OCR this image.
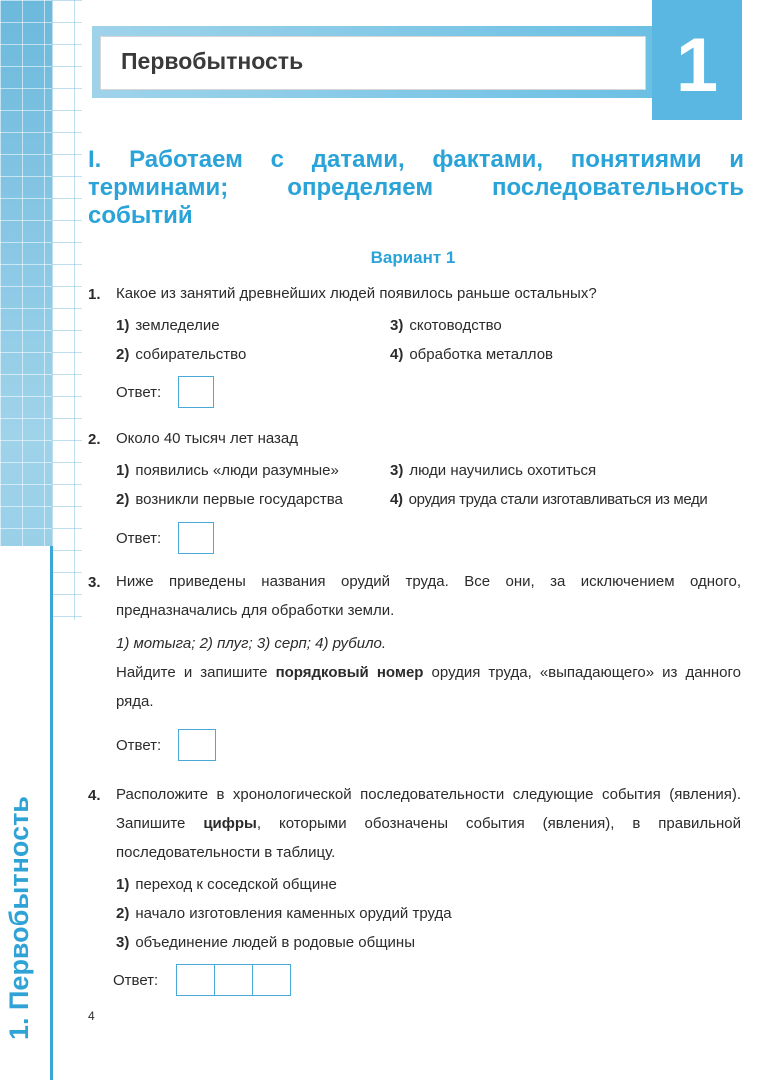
1. Первобытность
Первобытность	1
I. Работаем с датами, фактами, понятиями и терминами; определяем последовательность событий
Вариант 1
1. Какое из занятий древнейших людей появилось раньше остальных?
1) земледелие
2) собирательство
3) скотоводство
4) обработка металлов
Ответ:
2. Около 40 тысяч лет назад
1) появились «люди разумные»
2) возникли первые государства
3) люди научились охотиться
4) орудия труда стали изготавливаться из меди
Ответ:
3. Ниже приведены названия орудий труда. Все они, за исключением одного, предназначались для обработки земли.
1) мотыга; 2) плуг; 3) серп; 4) рубило.
Найдите и запишите порядковый номер орудия труда, «выпадающего» из данного ряда.
Ответ:
4. Расположите в хронологической последовательности следующие события (явления). Запишите цифры, которыми обозначены события (явления), в правильной последовательности в таблицу.
1) переход к соседской общине
2) начало изготовления каменных орудий труда
3) объединение людей в родовые общины
Ответ:
4
